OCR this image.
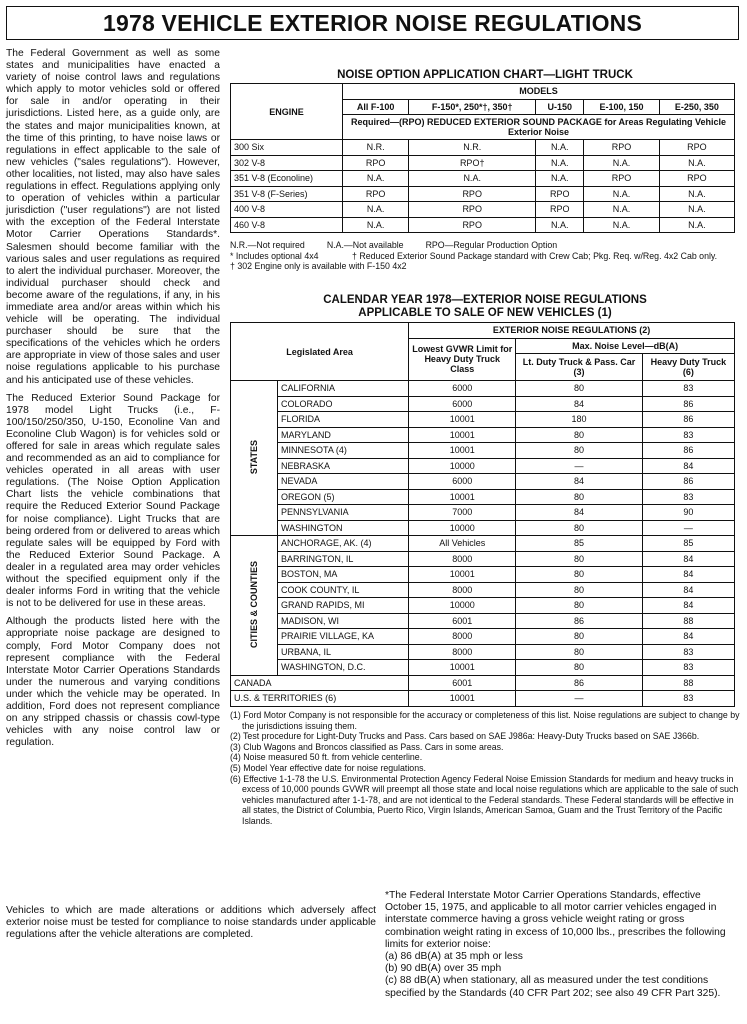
1978 VEHICLE EXTERIOR NOISE REGULATIONS

The Federal Government as well as some states and municipalities have enacted a variety of noise control laws and regulations which apply to motor vehicles sold or offered for sale in and/or operating in their jurisdictions. Listed here, as a guide only, are the states and major municipalities known, at the time of this printing, to have noise laws or regulations in effect applicable to the sale of new vehicles ("sales regulations"). However, other localities, not listed, may also have sales regulations in effect. Regulations applying only to operation of vehicles within a particular jurisdiction ("user regulations") are not listed with the exception of the Federal Interstate Motor Carrier Operations Standards*. Salesmen should become familiar with the various sales and user regulations as required to alert the individual purchaser. Moreover, the individual purchaser should check and become aware of the regulations, if any, in his immediate area and/or areas within which his vehicle will be operating. The individual purchaser should be sure that the specifications of the vehicles which he orders are appropriate in view of those sales and user noise regulations applicable to his purchase and his anticipated use of these vehicles.

The Reduced Exterior Sound Package for 1978 model Light Trucks (i.e., F-100/150/250/350, U-150, Econoline Van and Econoline Club Wagon) is for vehicles sold or offered for sale in areas which regulate sales and recommended as an aid to compliance for vehicles operated in all areas with user regulations. (The Noise Option Application Chart lists the vehicle combinations that require the Reduced Exterior Sound Package for noise compliance). Light Trucks that are being ordered from or delivered to areas which regulate sales will be equipped by Ford with the Reduced Exterior Sound Package. A dealer in a regulated area may order vehicles without the specified equipment only if the dealer informs Ford in writing that the vehicle is not to be delivered for use in these areas.

Although the products listed here with the appropriate noise package are designed to comply, Ford Motor Company does not represent compliance with the Federal Interstate Motor Carrier Operations Standards under the numerous and varying conditions under which the vehicle may be operated. In addition, Ford does not represent compliance on any stripped chassis or chassis cowl-type vehicles with any noise control law or regulation.

NOISE OPTION APPLICATION CHART—LIGHT TRUCK
ENGINE	MODELS				
	All F-100	F-150*, 250*†, 350†	U-150	E-100, 150	E-250, 350
	Required—(RPO) REDUCED EXTERIOR SOUND PACKAGE for Areas Regulating Vehicle Exterior Noise				
300 Six	N.R.	N.R.	N.A.	RPO	RPO
302 V-8	RPO	RPO†	N.A.	N.A.	N.A.
351 V-8 (Econoline)	N.A.	N.A.	N.A.	RPO	RPO
351 V-8 (F-Series)	RPO	RPO	RPO	N.A.	N.A.
400 V-8	N.A.	RPO	RPO	N.A.	N.A.
460 V-8	N.A.	RPO	N.A.	N.A.	N.A.
N.R.—Not required	N.A.—Not available	RPO—Regular Production Option
* Includes optional 4x4	† Reduced Exterior Sound Package standard with Crew Cab; Pkg. Req. w/Reg. 4x2 Cab only.
† 302 Engine only is available with F-150 4x2
CALENDAR YEAR 1978—EXTERIOR NOISE REGULATIONS
APPLICABLE TO SALE OF NEW VEHICLES (1)
Legislated Area		EXTERIOR NOISE REGULATIONS (2)		
		Lowest GVWR Limit for Heavy Duty Truck Class	Max. Noise Level—dB(A)	
			Lt. Duty Truck & Pass. Car (3)	Heavy Duty Truck (6)
STATES	CALIFORNIA	6000	80	83
	COLORADO	6000	84	86
	FLORIDA	10001	180	86
	MARYLAND	10001	80	83
	MINNESOTA (4)	10001	80	86
	NEBRASKA	10000	—	84
	NEVADA	6000	84	86
	OREGON (5)	10001	80	83
	PENNSYLVANIA	7000	84	90
	WASHINGTON	10000	80	—
CITIES & COUNTIES	ANCHORAGE, AK. (4)	All Vehicles	85	85
	BARRINGTON, IL	8000	80	84
	BOSTON, MA	10001	80	84
	COOK COUNTY, IL	8000	80	84
	GRAND RAPIDS, MI	10000	80	84
	MADISON, WI	6001	86	88
	PRAIRIE VILLAGE, KA	8000	80	84
	URBANA, IL	8000	80	83
	WASHINGTON, D.C.	10001	80	83
CANADA		6001	86	88
U.S. & TERRITORIES (6)		10001	—	83
(1) Ford Motor Company is not responsible for the accuracy or completeness of this list. Noise regulations are subject to change by the jurisdictions issuing them.
(2) Test procedure for Light-Duty Trucks and Pass. Cars based on SAE J986a: Heavy-Duty Trucks based on SAE J366b.
(3) Club Wagons and Broncos classified as Pass. Cars in some areas.
(4) Noise measured 50 ft. from vehicle centerline.
(5) Model Year effective date for noise regulations.
(6) Effective 1-1-78 the U.S. Environmental Protection Agency Federal Noise Emission Standards for medium and heavy trucks in excess of 10,000 pounds GVWR will preempt all those state and local noise regulations which are applicable to the sale of such vehicles manufactured after 1-1-78, and are not identical to the Federal standards. These Federal standards will be effective in all states, the District of Columbia, Puerto Rico, Virgin Islands, American Samoa, Guam and the Trust Territory of the Pacific Islands.
Vehicles to which are made alterations or additions which adversely affect exterior noise must be tested for compliance to noise standards under applicable regulations after the vehicle alterations are completed.

*The Federal Interstate Motor Carrier Operations Standards, effective October 15, 1975, and applicable to all motor carrier vehicles engaged in interstate commerce having a gross vehicle weight rating or gross combination weight rating in excess of 10,000 lbs., prescribes the following limits for exterior noise:

(a) 86 dB(A) at 35 mph or less

(b) 90 dB(A) over 35 mph

(c) 88 dB(A) when stationary, all as measured under the test conditions specified by the Standards (40 CFR Part 202; see also 49 CFR Part 325).
